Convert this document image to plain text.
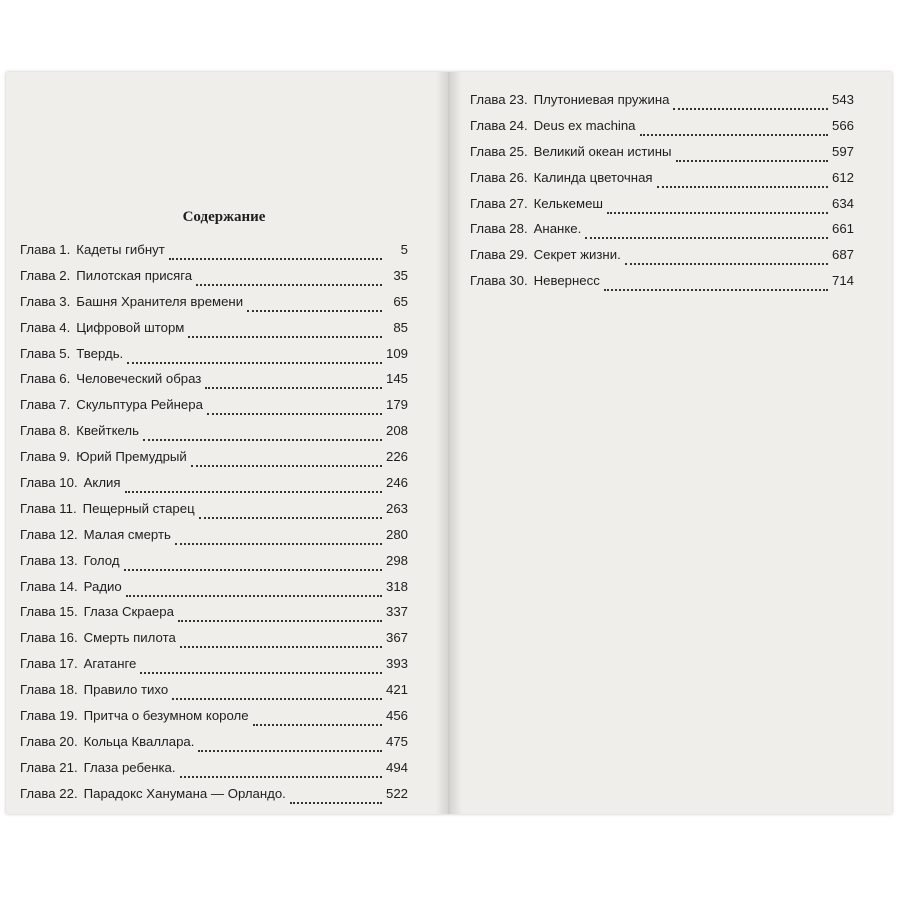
Содержание
Глава 1. Кадеты гибнут	5
Глава 2. Пилотская присяга	35
Глава 3. Башня Хранителя времени	65
Глава 4. Цифровой шторм	85
Глава 5. Твердь.	109
Глава 6. Человеческий образ	145
Глава 7. Скульптура Рейнера	179
Глава 8. Квейткель	208
Глава 9. Юрий Премудрый	226
Глава 10. Аклия	246
Глава 11. Пещерный старец	263
Глава 12. Малая смерть	280
Глава 13. Голод	298
Глава 14. Радио	318
Глава 15. Глаза Скраера	337
Глава 16. Смерть пилота	367
Глава 17. Агатанге	393
Глава 18. Правило тихо	421
Глава 19. Притча о безумном короле	456
Глава 20. Кольца Кваллара.	475
Глава 21. Глаза ребенка.	494
Глава 22. Парадокс Ханумана — Орландо.	522
Глава 23. Плутониевая пружина	543
Глава 24. Deus ex machina	566
Глава 25. Великий океан истины	597
Глава 26. Калинда цветочная	612
Глава 27. Келькемеш	634
Глава 28. Ананке.	661
Глава 29. Секрет жизни.	687
Глава 30. Невернесс	714
